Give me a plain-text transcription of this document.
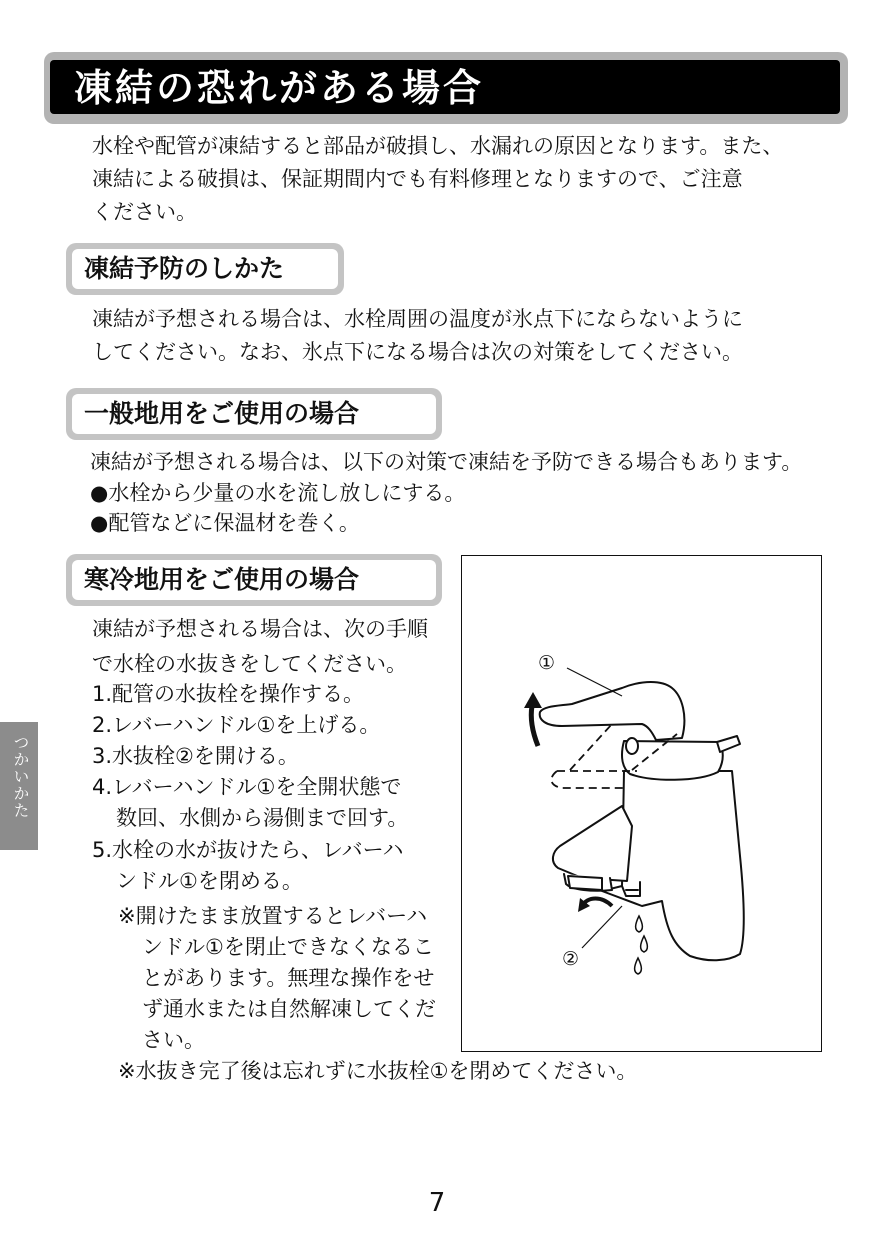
凍結の恐れがある場合

水栓や配管が凍結すると部品が破損し、水漏れの原因となります。また、

凍結による破損は、保証期間内でも有料修理となりますので、ご注意

ください。

凍結予防のしかた

凍結が予想される場合は、水栓周囲の温度が氷点下にならないように

してください。なお、氷点下になる場合は次の対策をしてください。

一般地用をご使用の場合

凍結が予想される場合は、以下の対策で凍結を予防できる場合もあります。

●水栓から少量の水を流し放しにする。

●配管などに保温材を巻く。

寒冷地用をご使用の場合

凍結が予想される場合は、次の手順

で水栓の水抜きをしてください。

1.配管の水抜栓を操作する。

2.レバーハンドル①を上げる。

3.水抜栓②を開ける。

4.レバーハンドル①を全開状態で

数回、水側から湯側まで回す。

5.水栓の水が抜けたら、レバーハ

ンドル①を閉める。

※開けたまま放置するとレバーハ

ンドル①を閉止できなくなるこ

とがあります。無理な操作をせ

ず通水または自然解凍してくだ

さい。

※水抜き完了後は忘れずに水抜栓①を閉めてください。

①
②
つかいかた
7
